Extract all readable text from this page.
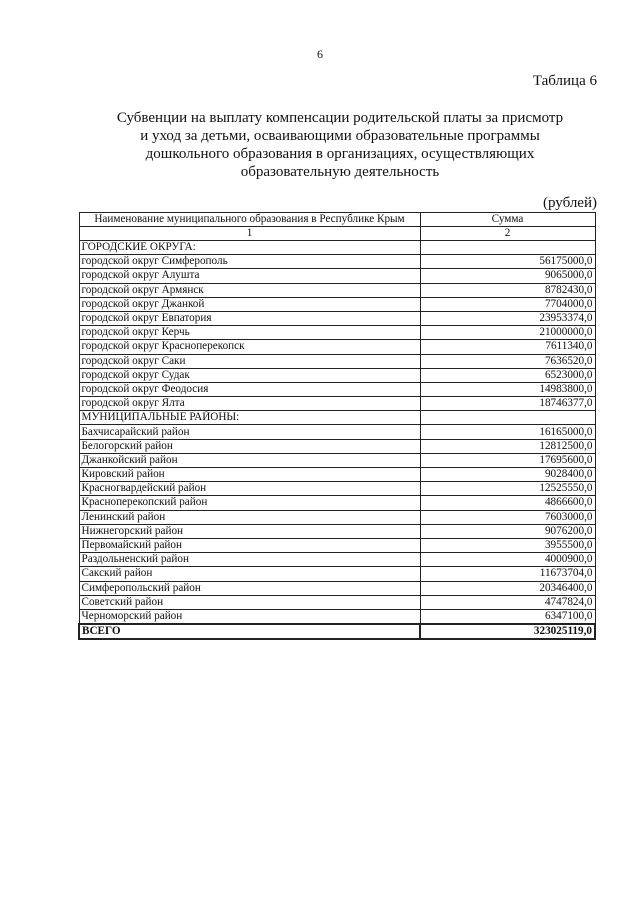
6
Таблица 6
Субвенции на выплату компенсации родительской платы за присмотр
и уход за детьми, осваивающими образовательные программы
дошкольного образования в организациях, осуществляющих
образовательную деятельность
(рублей)
Наименование муниципального образования в Республике Крым	Сумма
1	2
ГОРОДСКИЕ ОКРУГА:	
городской округ Симферополь	56175000,0
городской округ Алушта	9065000,0
городской округ Армянск	8782430,0
городской округ Джанкой	7704000,0
городской округ Евпатория	23953374,0
городской округ Керчь	21000000,0
городской округ Красноперекопск	7611340,0
городской округ Саки	7636520,0
городской округ Судак	6523000,0
городской округ Феодосия	14983800,0
городской округ Ялта	18746377,0
МУНИЦИПАЛЬНЫЕ РАЙОНЫ:	
Бахчисарайский район	16165000,0
Белогорский район	12812500,0
Джанкойский район	17695600,0
Кировский район	9028400,0
Красногвардейский район	12525550,0
Красноперекопский район	4866600,0
Ленинский район	7603000,0
Нижнегорский район	9076200,0
Первомайский район	3955500,0
Раздольненский район	4000900,0
Сакский район	11673704,0
Симферопольский район	20346400,0
Советский район	4747824,0
Черноморский район	6347100,0
ВСЕГО	323025119,0
